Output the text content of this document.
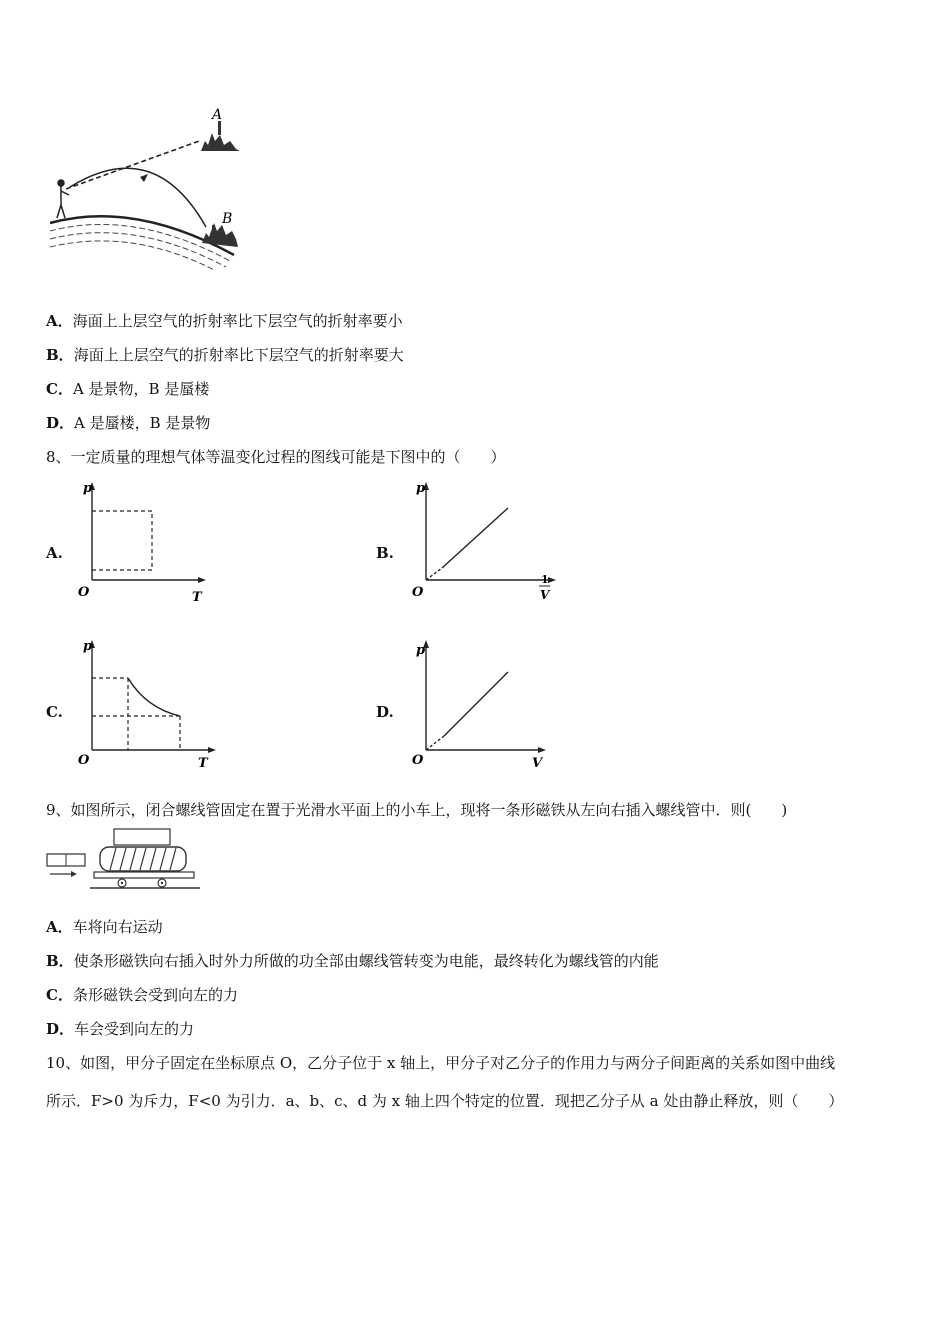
A
B
A．海面上上层空气的折射率比下层空气的折射率要小
B．海面上上层空气的折射率比下层空气的折射率要大
C．A 是景物，B 是蜃楼
D．A 是蜃楼，B 是景物
8、一定质量的理想气体等温变化过程的图线可能是下图中的（　　）
A.	B.
C.	D.
p
O	T
p
O
1
V
p
O	T
p
O	V
9、如图所示，闭合螺线管固定在置于光滑水平面上的小车上，现将一条形磁铁从左向右插入螺线管中．则(　　)
A．车将向右运动
B．使条形磁铁向右插入时外力所做的功全部由螺线管转变为电能，最终转化为螺线管的内能
C．条形磁铁会受到向左的力
D．车会受到向左的力
10、如图，甲分子固定在坐标原点 O，乙分子位于 x 轴上，甲分子对乙分子的作用力与两分子间距离的关系如图中曲线
所示．F>0 为斥力，F<0 为引力．a、b、c、d 为 x 轴上四个特定的位置．现把乙分子从 a 处由静止释放，则（　　）
